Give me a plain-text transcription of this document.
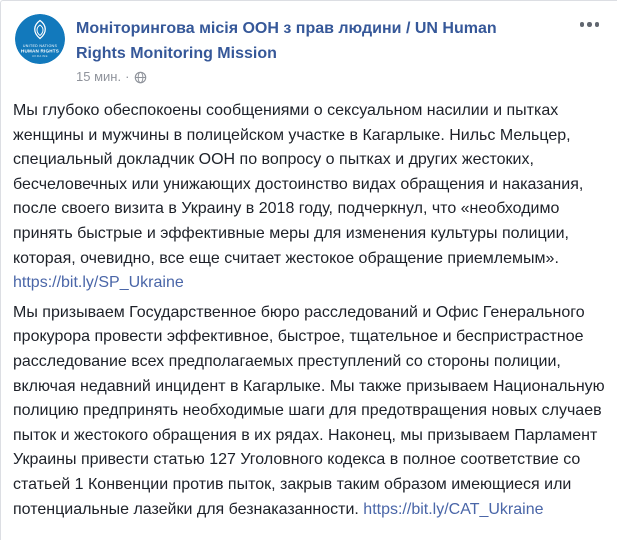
UNITED NATIONS
HUMAN RIGHTS
UKRAINE
Моніторингова місія ООН з прав людини / UN Human Rights Monitoring Mission
15 мин. ·

Мы глубоко обеспокоены сообщениями о сексуальном насилии и пытках женщины и мужчины в полицейском участке в Кагарлыке. Нильс Мельцер, специальный докладчик ООН по вопросу о пытках и других жестоких, бесчеловечных или унижающих достоинство видах обращения и наказания, после своего визита в Украину в 2018 году, подчеркнул, что «необходимо принять быстрые и эффективные меры для изменения культуры полиции, которая, очевидно, все еще считает жестокое обращение приемлемым». https://bit.ly/SP_Ukraine

Мы призываем Государственное бюро расследований и Офис Генерального прокурора провести эффективное, быстрое, тщательное и беспристрастное расследование всех предполагаемых преступлений со стороны полиции, включая недавний инцидент в Кагарлыке. Мы также призываем Национальную полицию предпринять необходимые шаги для предотвращения новых случаев пыток и жестокого обращения в их рядах. Наконец, мы призываем Парламент Украины привести статью 127 Уголовного кодекса в полное соответствие со статьей 1 Конвенции против пыток, закрыв таким образом имеющиеся или потенциальные лазейки для безнаказанности. https://bit.ly/CAT_Ukraine
